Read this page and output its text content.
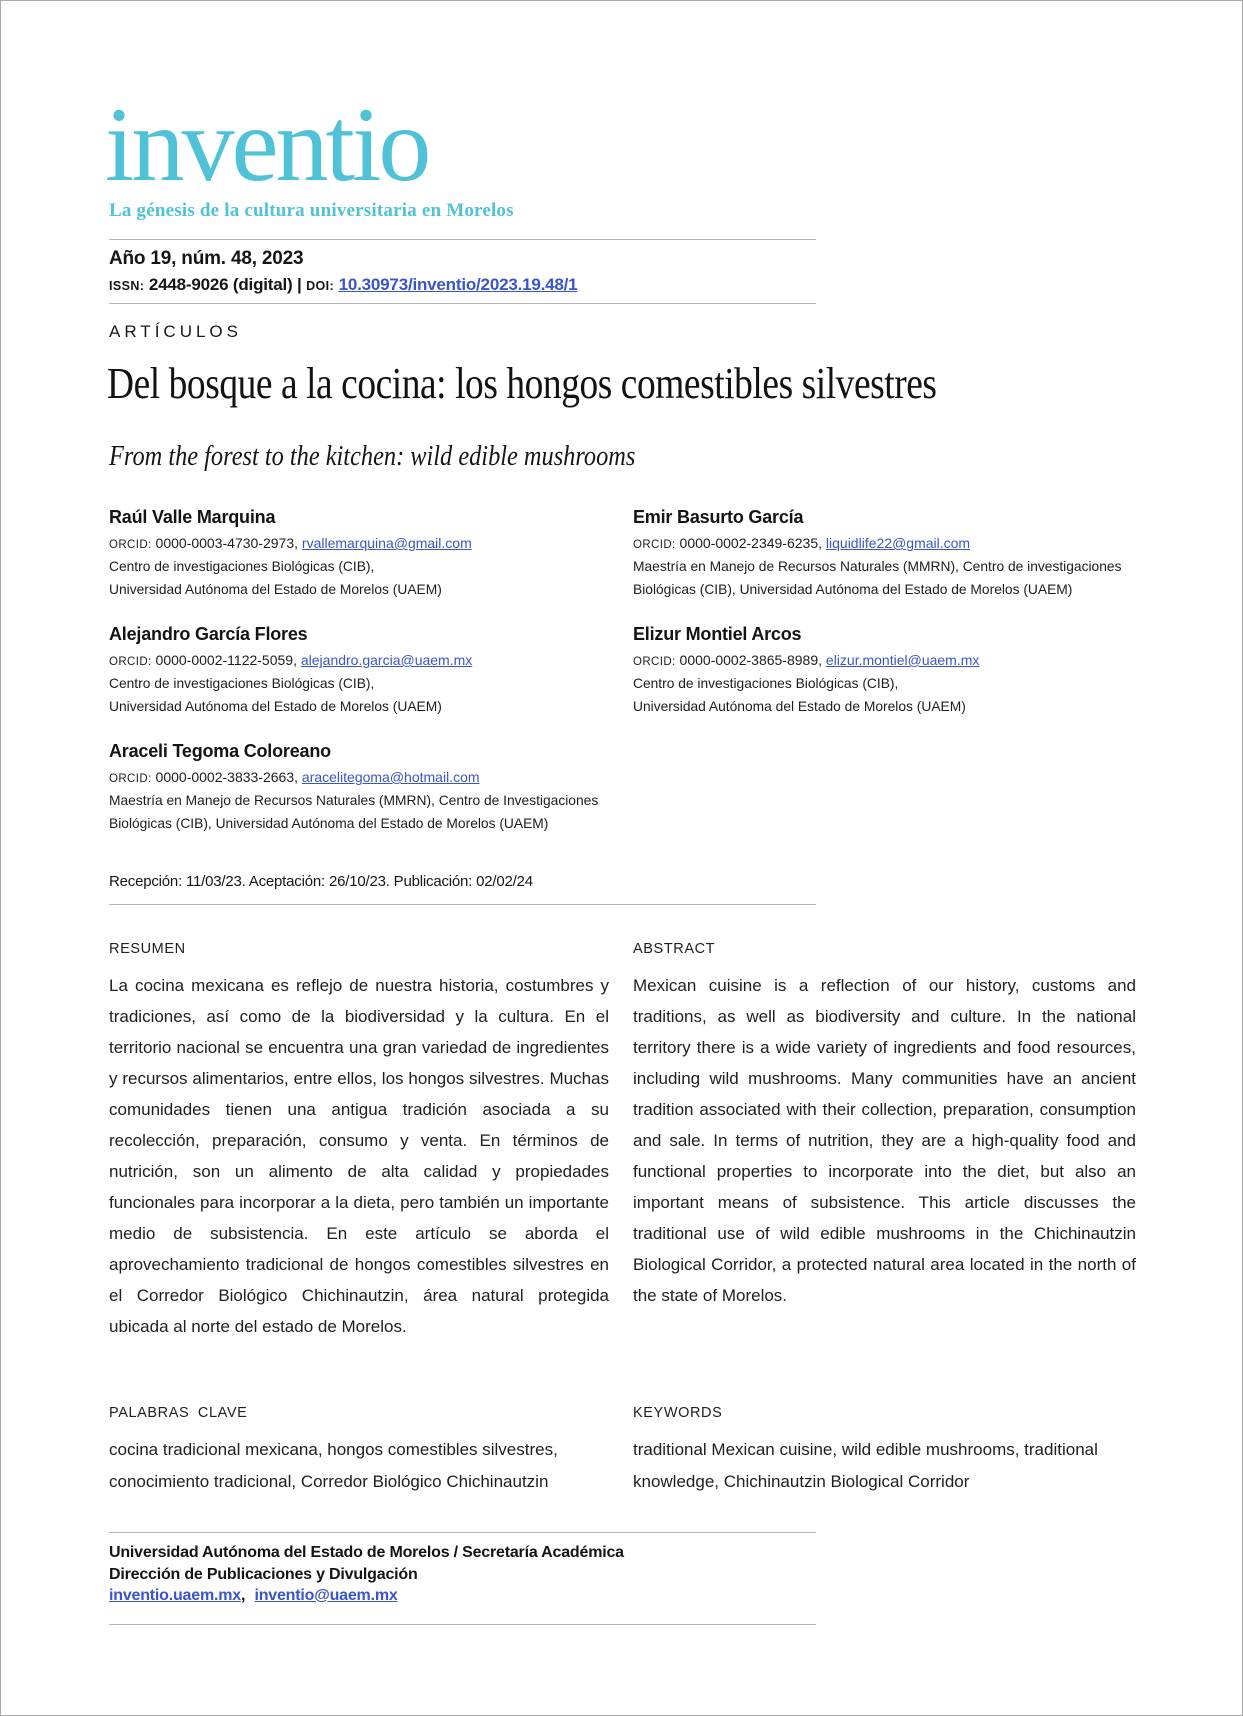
inventio
La génesis de la cultura universitaria en Morelos
Año 19, núm. 48, 2023
ISSN: 2448-9026 (digital) | DOI: 10.30973/inventio/2023.19.48/1
ARTÍCULOS
Del bosque a la cocina: los hongos comestibles silvestres
From the forest to the kitchen: wild edible mushrooms
Raúl Valle Marquina
ORCID: 0000-0003-4730-2973, rvallemarquina@gmail.com
Centro de investigaciones Biológicas (CIB),
Universidad Autónoma del Estado de Morelos (UAEM)
Emir Basurto García
ORCID: 0000-0002-2349-6235, liquidlife22@gmail.com
Maestría en Manejo de Recursos Naturales (MMRN), Centro de investigaciones
Biológicas (CIB), Universidad Autónoma del Estado de Morelos (UAEM)
Alejandro García Flores
ORCID: 0000-0002-1122-5059, alejandro.garcia@uaem.mx
Centro de investigaciones Biológicas (CIB),
Universidad Autónoma del Estado de Morelos (UAEM)
Elizur Montiel Arcos
ORCID: 0000-0002-3865-8989, elizur.montiel@uaem.mx
Centro de investigaciones Biológicas (CIB),
Universidad Autónoma del Estado de Morelos (UAEM)
Araceli Tegoma Coloreano
ORCID: 0000-0002-3833-2663, aracelitegoma@hotmail.com
Maestría en Manejo de Recursos Naturales (MMRN), Centro de Investigaciones
Biológicas (CIB), Universidad Autónoma del Estado de Morelos (UAEM)
Recepción: 11/03/23. Aceptación: 26/10/23. Publicación: 02/02/24
RESUMEN
La cocina mexicana es reflejo de nuestra historia, costumbres y tradiciones, así como de la biodiversidad y la cultura. En el territorio nacional se encuentra una gran variedad de ingredientes y recursos alimentarios, entre ellos, los hongos silvestres. Muchas comunidades tienen una antigua tradición asociada a su recolección, preparación, consumo y venta. En términos de nutrición, son un alimento de alta calidad y propiedades funcionales para incorporar a la dieta, pero también un importante medio de subsistencia. En este artículo se aborda el aprovechamiento tradicional de hongos comestibles silvestres en el Corredor Biológico Chichinautzin, área natural protegida ubicada al norte del estado de Morelos.
ABSTRACT
Mexican cuisine is a reflection of our history, customs and traditions, as well as biodiversity and culture. In the national territory there is a wide variety of ingredients and food resources, including wild mushrooms. Many communities have an ancient tradition associated with their collection, preparation, consumption and sale. In terms of nutrition, they are a high-quality food and functional properties to incorporate into the diet, but also an important means of subsistence. This article discusses the traditional use of wild edible mushrooms in the Chichinautzin Biological Corridor, a protected natural area located in the north of the state of Morelos.
PALABRAS CLAVE
cocina tradicional mexicana, hongos comestibles silvestres, conocimiento tradicional, Corredor Biológico Chichinautzin
KEYWORDS
traditional Mexican cuisine, wild edible mushrooms, traditional knowledge, Chichinautzin Biological Corridor
Universidad Autónoma del Estado de Morelos / Secretaría Académica
Dirección de Publicaciones y Divulgación
inventio.uaem.mx, inventio@uaem.mx
